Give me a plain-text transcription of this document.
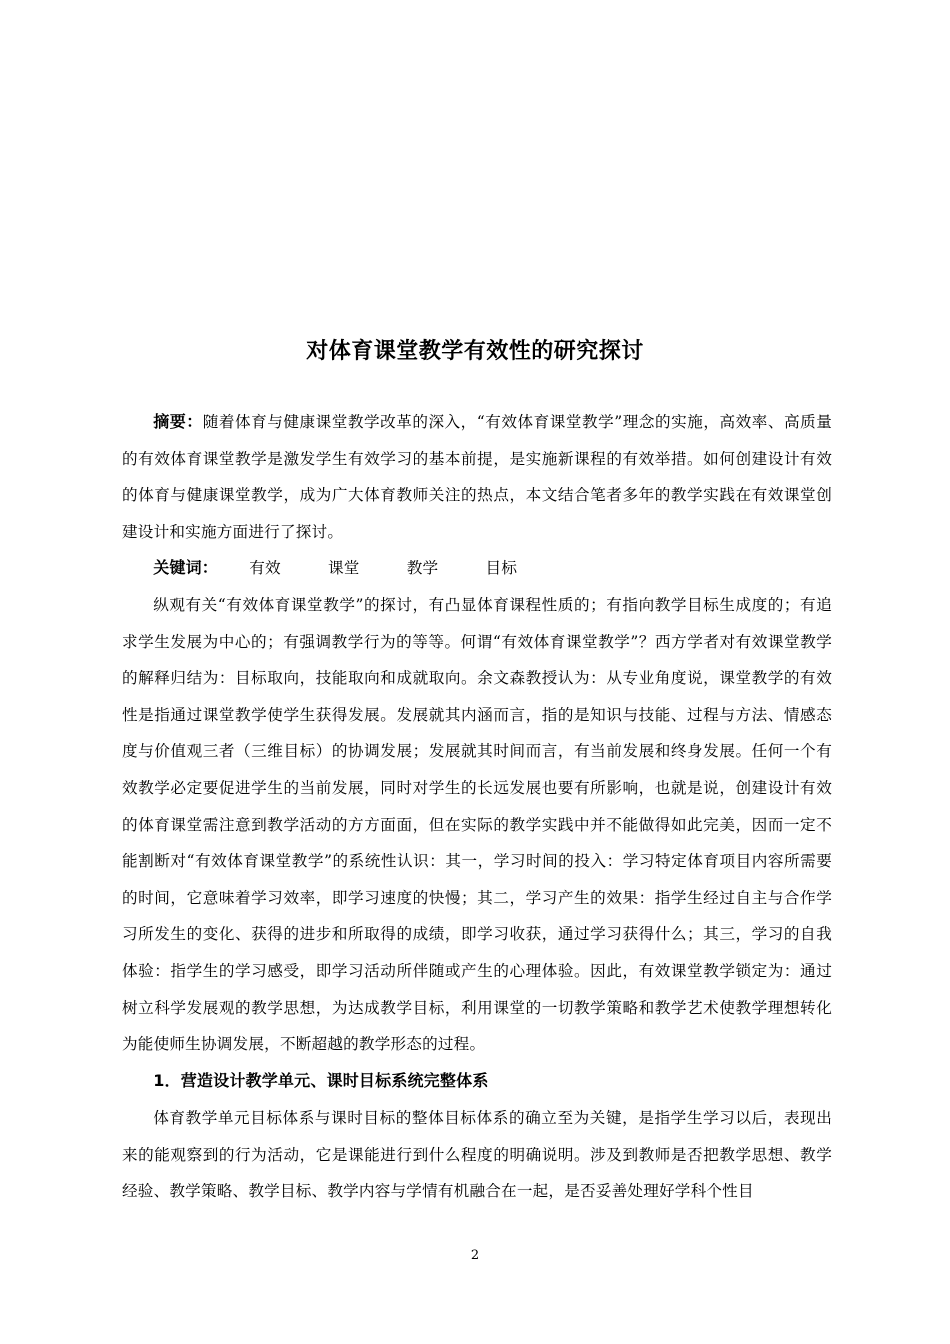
对体育课堂教学有效性的研究探讨
摘要：随着体育与健康课堂教学改革的深入，“有效体育课堂教学”理念的实施，高效率、高质量的有效体育课堂教学是激发学生有效学习的基本前提，是实施新课程的有效举措。如何创建设计有效的体育与健康课堂教学，成为广大体育教师关注的热点，本文结合笔者多年的教学实践在有效课堂创建设计和实施方面进行了探讨。
关键词： 有效	课堂	教学	目标
纵观有关“有效体育课堂教学”的探讨，有凸显体育课程性质的；有指向教学目标生成度的；有追求学生发展为中心的；有强调教学行为的等等。何谓“有效体育课堂教学”？西方学者对有效课堂教学的解释归结为：目标取向，技能取向和成就取向。余文森教授认为：从专业角度说，课堂教学的有效性是指通过课堂教学使学生获得发展。发展就其内涵而言，指的是知识与技能、过程与方法、情感态度与价值观三者（三维目标）的协调发展；发展就其时间而言，有当前发展和终身发展。任何一个有效教学必定要促进学生的当前发展，同时对学生的长远发展也要有所影响，也就是说，创建设计有效的体育课堂需注意到教学活动的方方面面，但在实际的教学实践中并不能做得如此完美，因而一定不能割断对“有效体育课堂教学”的系统性认识：其一，学习时间的投入：学习特定体育项目内容所需要的时间，它意味着学习效率，即学习速度的快慢；其二，学习产生的效果：指学生经过自主与合作学习所发生的变化、获得的进步和所取得的成绩，即学习收获，通过学习获得什么；其三，学习的自我体验：指学生的学习感受，即学习活动所伴随或产生的心理体验。因此，有效课堂教学锁定为：通过树立科学发展观的教学思想，为达成教学目标，利用课堂的一切教学策略和教学艺术使教学理想转化为能使师生协调发展，不断超越的教学形态的过程。
1．营造设计教学单元、课时目标系统完整体系
体育教学单元目标体系与课时目标的整体目标体系的确立至为关键，是指学生学习以后，表现出来的能观察到的行为活动，它是课能进行到什么程度的明确说明。涉及到教师是否把教学思想、教学经验、教学策略、教学目标、教学内容与学情有机融合在一起，是否妥善处理好学科个性目
2
